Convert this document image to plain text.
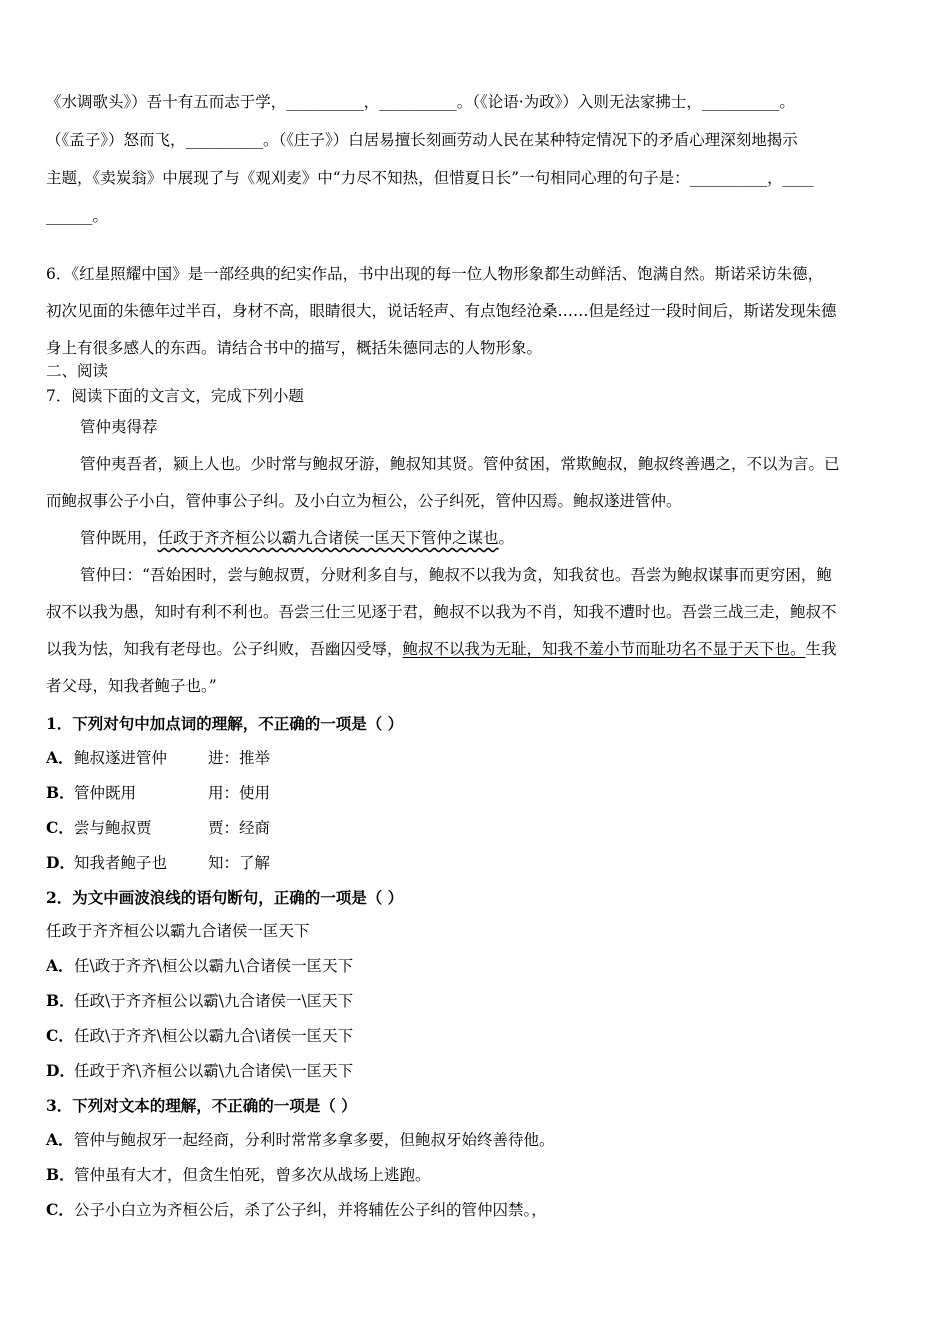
《水调歌头》）吾十有五而志于学，__________，__________。（《论语·为政》）入则无法家拂士，__________。
（《孟子》）怒而飞，__________。（《庄子》）白居易擅长刻画劳动人民在某种特定情况下的矛盾心理深刻地揭示
主题，《卖炭翁》中展现了与《观刈麦》中“力尽不知热，但惜夏日长”一句相同心理的句子是：__________，____
______。
6．《红星照耀中国》是一部经典的纪实作品，书中出现的每一位人物形象都生动鲜活、饱满自然。斯诺采访朱德，
初次见面的朱德年过半百，身材不高，眼睛很大，说话轻声、有点饱经沧桑……但是经过一段时间后，斯诺发现朱德
身上有很多感人的东西。请结合书中的描写，概括朱德同志的人物形象。
二、阅读
7．阅读下面的文言文，完成下列小题
管仲夷得荐
管仲夷吾者，颍上人也。少时常与鲍叔牙游，鲍叔知其贤。管仲贫困，常欺鲍叔，鲍叔终善遇之，不以为言。已
而鲍叔事公子小白，管仲事公子纠。及小白立为桓公，公子纠死，管仲囚焉。鲍叔遂进管仲。
管仲既用，任政于齐齐桓公以霸九合诸侯一匡天下管仲之谋也。
管仲曰：“吾始困时，尝与鲍叔贾，分财利多自与，鲍叔不以我为贪，知我贫也。吾尝为鲍叔谋事而更穷困，鲍
叔不以我为愚，知时有利不利也。吾尝三仕三见逐于君，鲍叔不以我为不肖，知我不遭时也。吾尝三战三走，鲍叔不
以我为怯，知我有老母也。公子纠败，吾幽囚受辱，鲍叔不以我为无耻，知我不羞小节而耻功名不显于天下也。生我
者父母，知我者鲍子也。”
1．下列对句中加点词的理解，不正确的一项是（ ）
A．鲍叔遂进管仲	进：推举
B．管仲既用	用：使用
C．尝与鲍叔贾	贾：经商
D．知我者鲍子也	知：了解
2．为文中画波浪线的语句断句，正确的一项是（ ）
任政于齐齐桓公以霸九合诸侯一匡天下
A．任\政于齐齐\桓公以霸九\合诸侯一匡天下
B．任政\于齐齐桓公以霸\九合诸侯一\匡天下
C．任政\于齐齐\桓公以霸九合\诸侯一匡天下
D．任政于齐\齐桓公以霸\九合诸侯\一匡天下
3．下列对文本的理解，不正确的一项是（ ）
A．管仲与鲍叔牙一起经商，分利时常常多拿多要，但鲍叔牙始终善待他。
B．管仲虽有大才，但贪生怕死，曾多次从战场上逃跑。
C．公子小白立为齐桓公后，杀了公子纠，并将辅佐公子纠的管仲囚禁。，
